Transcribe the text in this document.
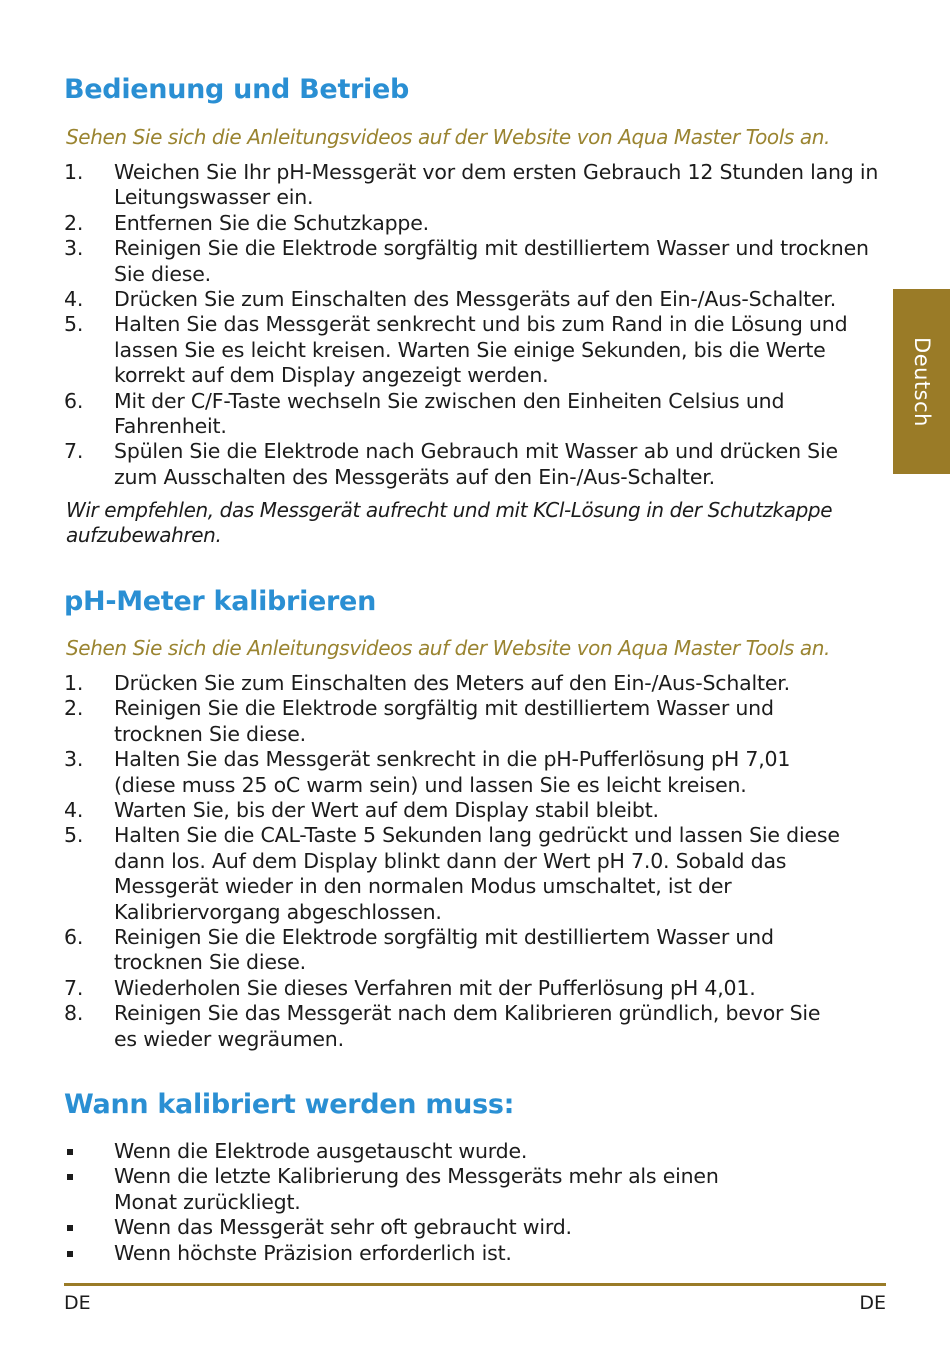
Bedienung und Betrieb

Sehen Sie sich die Anleitungsvideos auf der Website von Aqua Master Tools an.

1. Weichen Sie Ihr pH-Messgerät vor dem ersten Gebrauch 12 Stunden lang in Leitungswasser ein.
2. Entfernen Sie die Schutzkappe.
3. Reinigen Sie die Elektrode sorgfältig mit destilliertem Wasser und trocknen Sie diese.
4. Drücken Sie zum Einschalten des Messgeräts auf den Ein-/Aus-Schalter.
5. Halten Sie das Messgerät senkrecht und bis zum Rand in die Lösung und lassen Sie es leicht kreisen. Warten Sie einige Sekunden, bis die Werte korrekt auf dem Display angezeigt werden.
6. Mit der C/F-Taste wechseln Sie zwischen den Einheiten Celsius und Fahrenheit.
7. Spülen Sie die Elektrode nach Gebrauch mit Wasser ab und drücken Sie zum Ausschalten des Messgeräts auf den Ein-/Aus-Schalter.

Wir empfehlen, das Messgerät aufrecht und mit KCl-Lösung in der Schutzkappe aufzubewahren.

pH-Meter kalibrieren

Sehen Sie sich die Anleitungsvideos auf der Website von Aqua Master Tools an.

1. Drücken Sie zum Einschalten des Meters auf den Ein-/Aus-Schalter.
2. Reinigen Sie die Elektrode sorgfältig mit destilliertem Wasser und trocknen Sie diese.
3. Halten Sie das Messgerät senkrecht in die pH-Pufferlösung pH 7,01 (diese muss 25 oC warm sein) und lassen Sie es leicht kreisen.
4. Warten Sie, bis der Wert auf dem Display stabil bleibt.
5. Halten Sie die CAL-Taste 5 Sekunden lang gedrückt und lassen Sie diese dann los. Auf dem Display blinkt dann der Wert pH 7.0. Sobald das Messgerät wieder in den normalen Modus umschaltet, ist der Kalibriervorgang abgeschlossen.
6. Reinigen Sie die Elektrode sorgfältig mit destilliertem Wasser und trocknen Sie diese.
7. Wiederholen Sie dieses Verfahren mit der Pufferlösung pH 4,01.
8. Reinigen Sie das Messgerät nach dem Kalibrieren gründlich, bevor Sie es wieder wegräumen.
Wann kalibriert werden muss:
Wenn die Elektrode ausgetauscht wurde.
Wenn die letzte Kalibrierung des Messgeräts mehr als einen Monat zurückliegt.
Wenn das Messgerät sehr oft gebraucht wird.
Wenn höchste Präzision erforderlich ist.
Deutsch
DE	DE
